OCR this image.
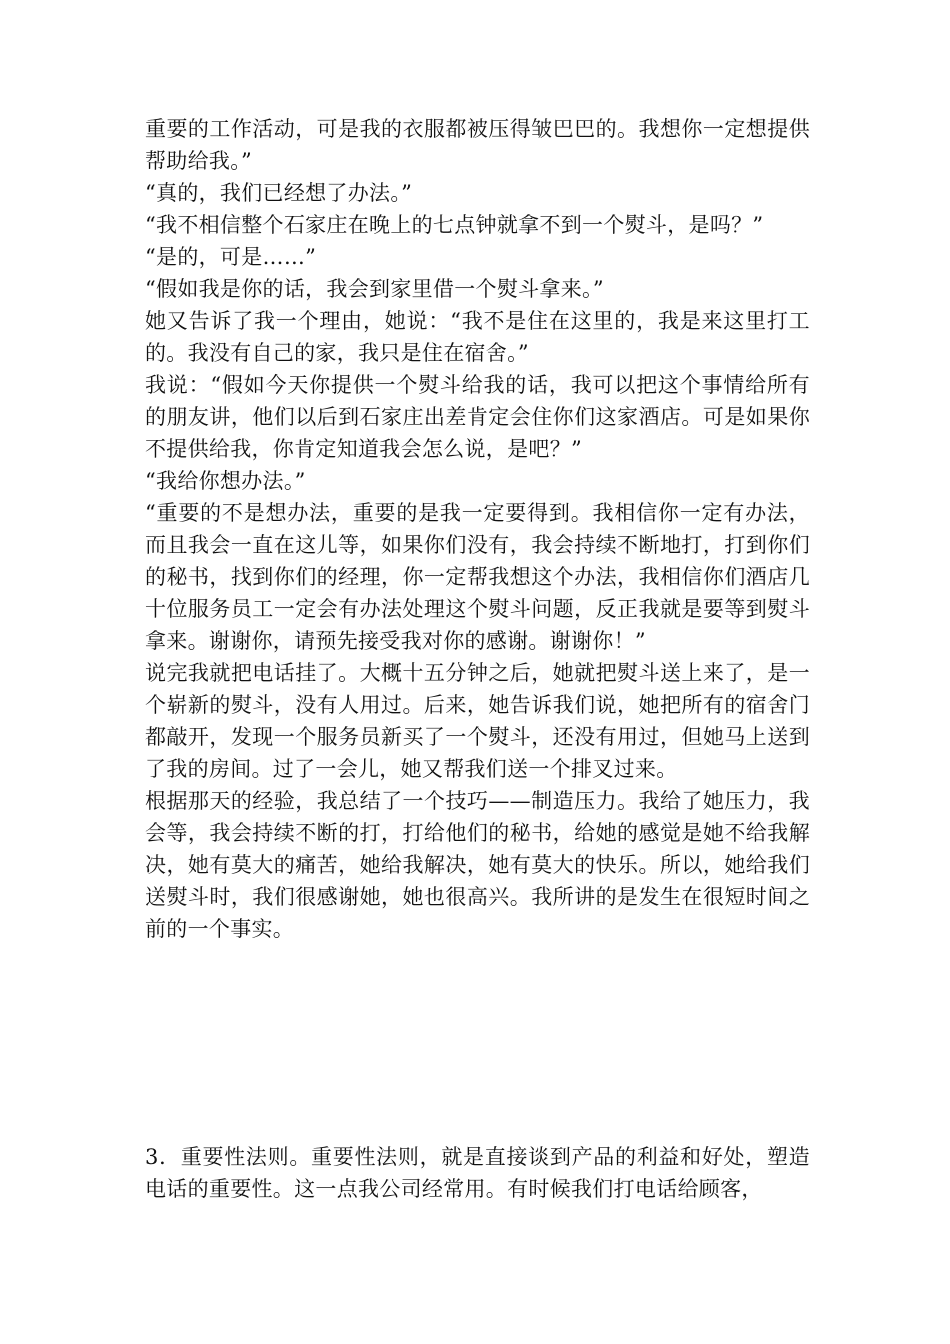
重要的工作活动，可是我的衣服都被压得皱巴巴的。我想你一定想提供帮助给我。”

“真的，我们已经想了办法。”

“我不相信整个石家庄在晚上的七点钟就拿不到一个熨斗，是吗？”

“是的，可是……”

“假如我是你的话，我会到家里借一个熨斗拿来。”

她又告诉了我一个理由，她说：“我不是住在这里的，我是来这里打工的。我没有自己的家，我只是住在宿舍。”

我说：“假如今天你提供一个熨斗给我的话，我可以把这个事情给所有的朋友讲，他们以后到石家庄出差肯定会住你们这家酒店。可是如果你不提供给我，你肯定知道我会怎么说，是吧？”

“我给你想办法。”

“重要的不是想办法，重要的是我一定要得到。我相信你一定有办法，而且我会一直在这儿等，如果你们没有，我会持续不断地打，打到你们的秘书，找到你们的经理，你一定帮我想这个办法，我相信你们酒店几十位服务员工一定会有办法处理这个熨斗问题，反正我就是要等到熨斗拿来。谢谢你，请预先接受我对你的感谢。谢谢你！”

说完我就把电话挂了。大概十五分钟之后，她就把熨斗送上来了，是一个崭新的熨斗，没有人用过。后来，她告诉我们说，她把所有的宿舍门都敲开，发现一个服务员新买了一个熨斗，还没有用过，但她马上送到了我的房间。过了一会儿，她又帮我们送一个排叉过来。

根据那天的经验，我总结了一个技巧——制造压力。我给了她压力，我会等，我会持续不断的打，打给他们的秘书，给她的感觉是她不给我解决，她有莫大的痛苦，她给我解决，她有莫大的快乐。所以，她给我们送熨斗时，我们很感谢她，她也很高兴。我所讲的是发生在很短时间之前的一个事实。

3．重要性法则。重要性法则，就是直接谈到产品的利益和好处，塑造电话的重要性。这一点我公司经常用。有时候我们打电话给顾客，
